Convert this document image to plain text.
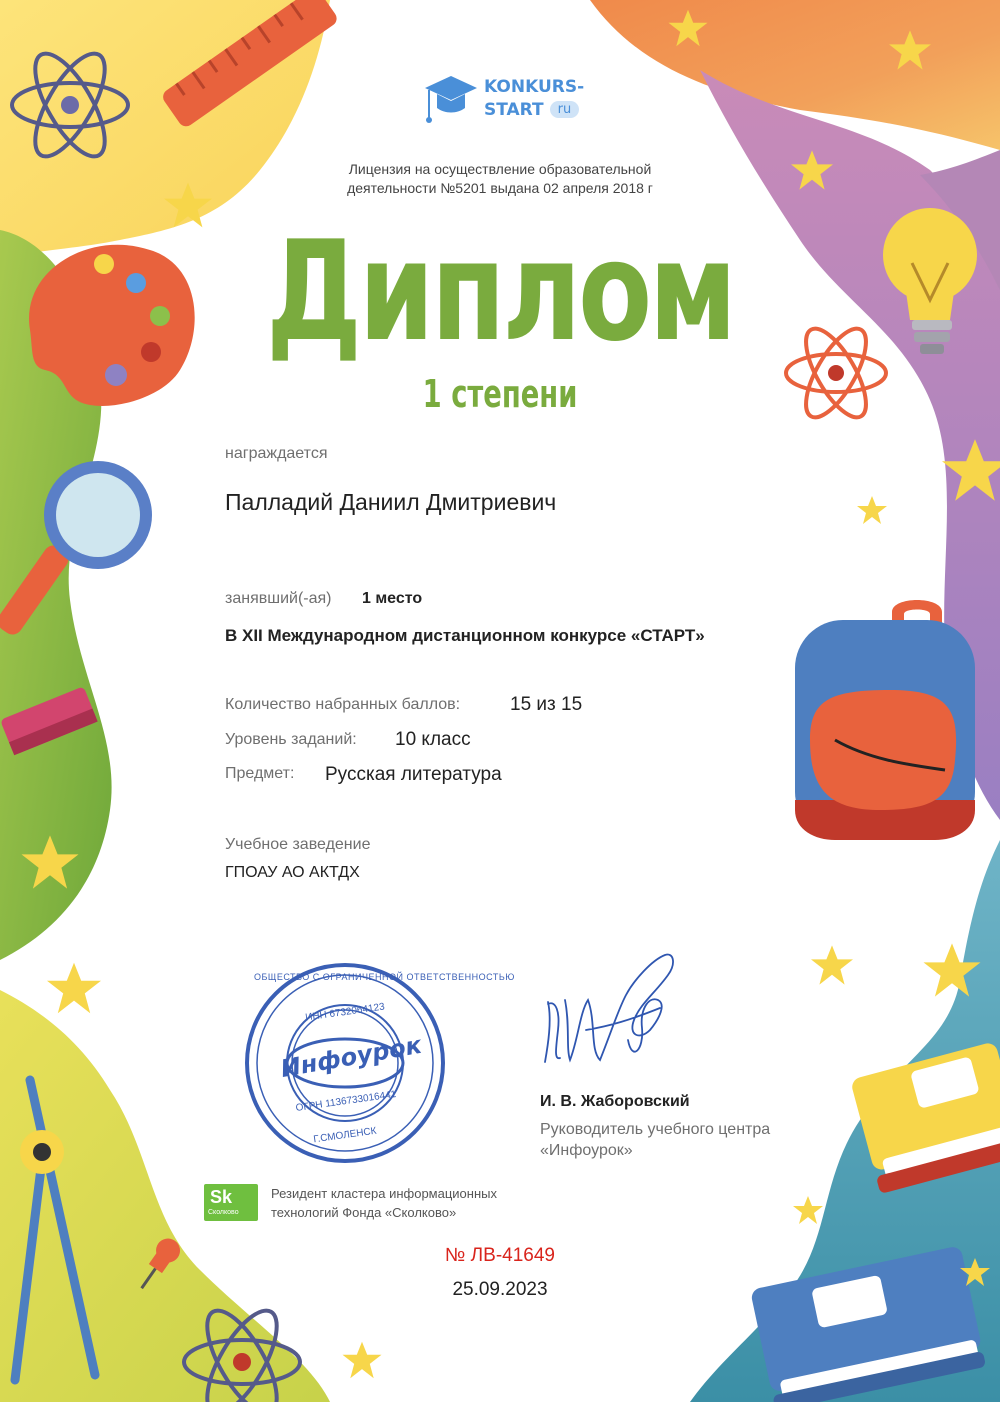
KONKURS-
START ru
Лицензия на осуществление образовательной деятельности №5201 выдана 02 апреля 2018 г
Диплом
1 степени
награждается
Палладий Даниил Дмитриевич
занявший(-ая) 1 место
В XII Международном дистанционном конкурсе «СТАРТ»
Количество набранных баллов:	15 из 15
Уровень заданий: 10 класс
Предмет: Русская литература
Учебное заведение
ГПОАУ АО АКТДХ
Инфоурок
ИНН 6732064123
ОГРН 1136733016441
Г.СМОЛЕНСК
ОБЩЕСТВО С ОГРАНИЧЕННОЙ ОТВЕТСТВЕННОСТЬЮ
И. В. Жаборовский
Руководитель учебного центра
«Инфоурок»
Sk
Сколково
Резидент кластера информационных
технологий Фонда «Сколково»
№ ЛВ-41649
25.09.2023
